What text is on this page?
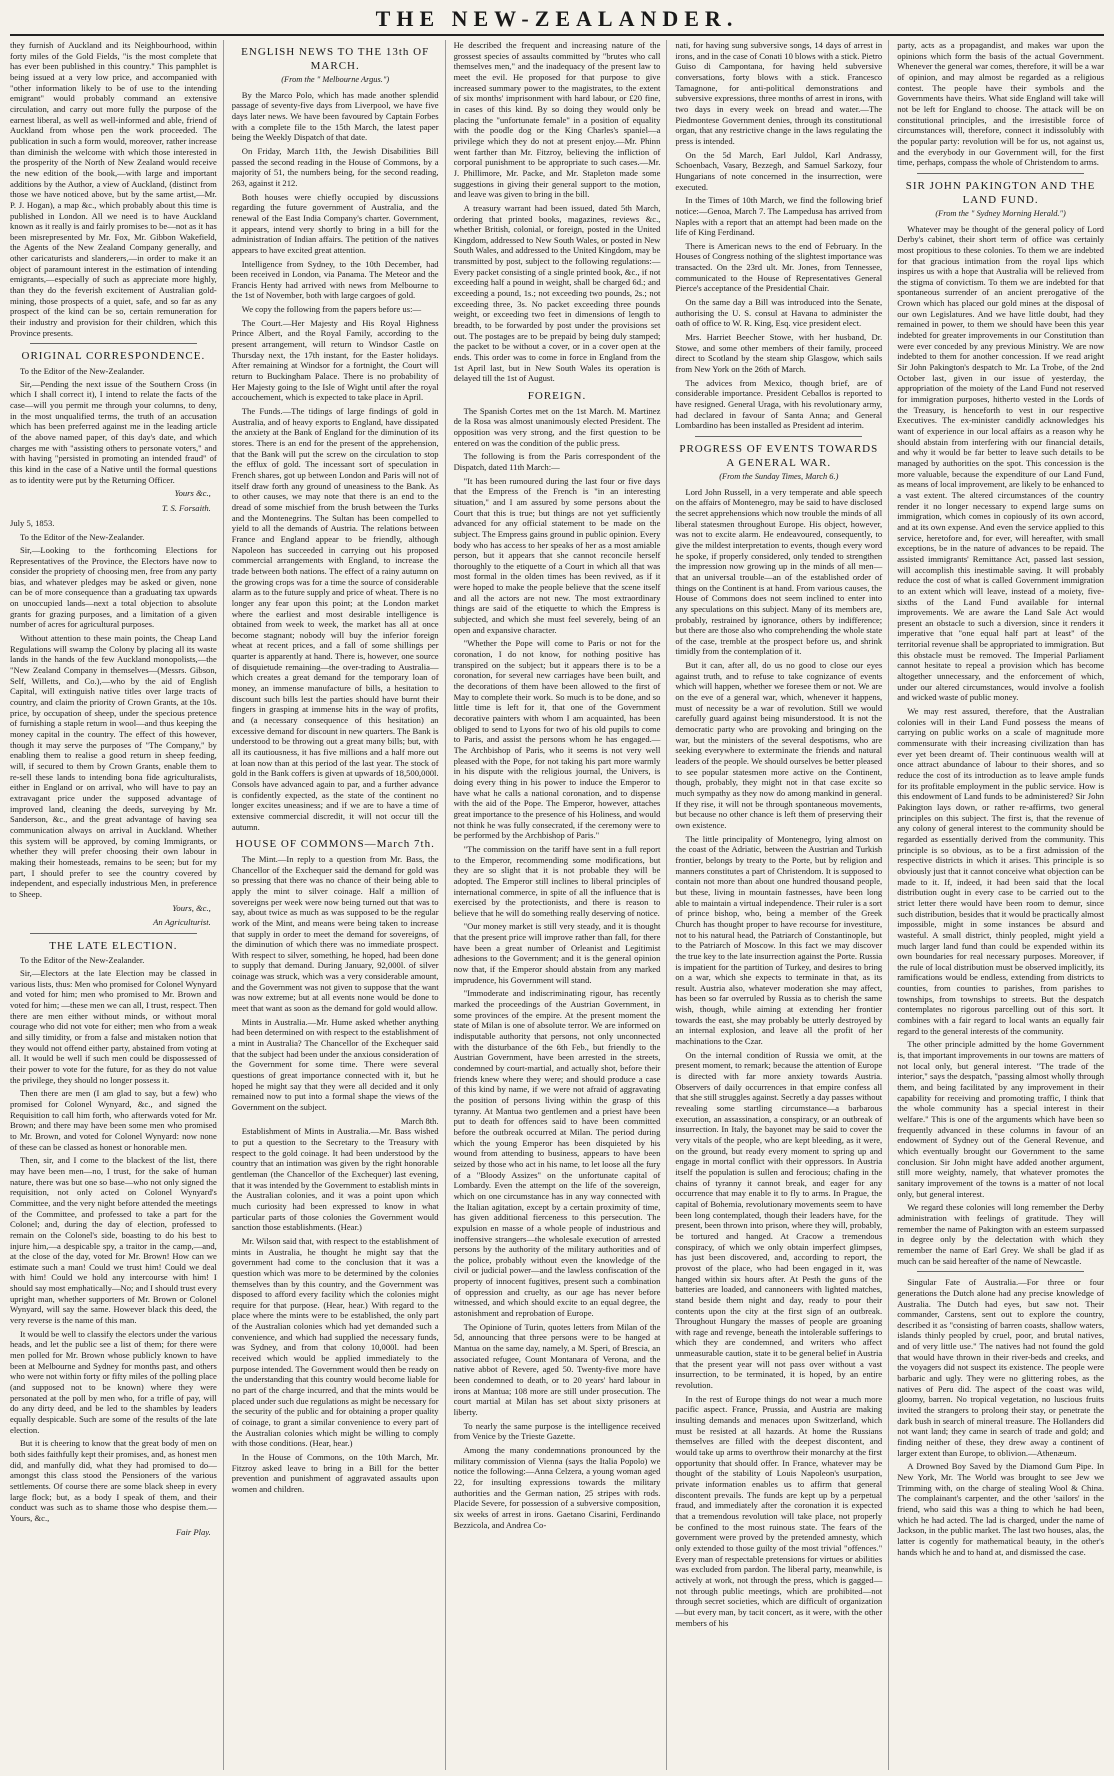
THE NEW-ZEALANDER.

they furnish of Auckland and its Neighbourhood, within forty miles of the Gold Fields, "is the most complete that has ever been published in this country." This pamphlet is being issued at a very low price, and accompanied with "other information likely to be of use to the intending emigrant" would probably command an extensive circulation, and carry out more fully the purpose of the earnest liberal, as well as well-informed and able, friend of Auckland from whose pen the work proceeded. The publication in such a form would, moreover, rather increase than diminish the welcome with which those interested in the prosperity of the North of New Zealand would receive the new edition of the book,—with large and important additions by the Author, a view of Auckland, (distinct from those we have noticed above, but by the same artist,—Mr. P. J. Hogan), a map &c., which probably about this time is published in London. All we need is to have Auckland known as it really is and fairly promises to be—not as it has been misrepresented by Mr. Fox, Mr. Gibbon Wakefield, the Agents of the New Zealand Company generally, and other caricaturists and slanderers,—in order to make it an object of paramount interest in the estimation of intending emigrants,—especially of such as appreciate more highly, than they do the feverish excitement of Australian gold-mining, those prospects of a quiet, safe, and so far as any prospect of the kind can be so, certain remuneration for their industry and provision for their children, which this Province presents.

ORIGINAL CORRESPONDENCE.
To the Editor of the New-Zealander.

Sir,—Pending the next issue of the Southern Cross (in which I shall correct it), I intend to relate the facts of the case—will you permit me through your columns, to deny, in the most unqualified terms, the truth of an accusation which has been preferred against me in the leading article of the above named paper, of this day's date, and which charges me with "assisting others to personate voters," and with having "persisted in promoting an intended fraud" of this kind in the case of a Native until the formal questions as to identity were put by the Returning Officer.

Yours &c.,
T. S. Forsaith.
July 5, 1853.
To the Editor of the New-Zealander.

Sir,—Looking to the forthcoming Elections for Representatives of the Province, the Electors have now to consider the propriety of choosing men, free from any party bias, and whatever pledges may be asked or given, none can be of more consequence than a graduating tax upwards on unoccupied lands—next a total objection to absolute grants for grazing purposes, and a limitation of a given number of acres for agricultural purposes.

Without attention to these main points, the Cheap Land Regulations will swamp the Colony by placing all its waste lands in the hands of the few Auckland monopolists,—the "New Zealand Company in themselves—(Messrs. Gibson, Self, Willetts, and Co.),—who by the aid of English Capital, will extinguish native titles over large tracts of country, and claim the priority of Crown Grants, at the 10s. price, by occupation of sheep, under the specious pretence of furnishing a staple return in wool—and thus keeping the money capital in the country. The effect of this however, though it may serve the purposes of "The Company," by enabling them to realise a good return in sheep feeding, will, if secured to them by Crown Grants, enable them to re-sell these lands to intending bona fide agriculturalists, either in England or on arrival, who will have to pay an extravagant price under the supposed advantage of improved land, cleaning the deeds, surveying by Mr. Sanderson, &c., and the great advantage of having sea communication always on arrival in Auckland. Whether this system will be approved, by coming Immigrants, or whether they will prefer choosing their own labour in making their homesteads, remains to be seen; but for my part, I should prefer to see the country covered by independent, and especially industrious Men, in preference to Sheep.

Yours, &c.,
An Agriculturist.
THE LATE ELECTION.
To the Editor of the New-Zealander.

Sir,—Electors at the late Election may be classed in various lists, thus: Men who promised for Colonel Wynyard and voted for him; men who promised to Mr. Brown and voted for him; —these men we can all, I trust, respect. Then there are men either without minds, or without moral courage who did not vote for either; men who from a weak and silly timidity, or from a false and mistaken notion that they would not offend either party, abstained from voting at all. It would be well if such men could be dispossessed of their power to vote for the future, for as they do not value the privilege, they should no longer possess it.

Then there are men (I am glad to say, but a few) who promised for Colonel Wynyard, &c., and signed the Requisition to call him forth, who afterwards voted for Mr. Brown; and there may have been some men who promised to Mr. Brown, and voted for Colonel Wynyard: now none of these can be classed as honest or honorable men.

Then, sir, and I come to the blackest of the list, there may have been men—no, I trust, for the sake of human nature, there was but one so base—who not only signed the requisition, not only acted on Colonel Wynyard's Committee, and the very night before attended the meetings of the Committee, and professed to take a part for the Colonel; and, during the day of election, professed to remain on the Colonel's side, boasting to do his best to injure him,—a despicable spy, a traitor in the camp,—and, at the close of the day, voted for Mr. Brown! How can we estimate such a man! Could we trust him! Could we deal with him! Could we hold any intercourse with him! I should say most emphatically—No; and I should trust every upright man, whether supporters of Mr. Brown or Colonel Wynyard, will say the same. However black this deed, the very reverse is the name of this man.

It would be well to classify the electors under the various heads, and let the public see a list of them; for there were men polled for Mr. Brown whose publicly known to have been at Melbourne and Sydney for months past, and others who were not within forty or fifty miles of the polling place (and supposed not to be known) where they were personated at the poll by men who, for a trifle of pay, will do any dirty deed, and be led to the shambles by leaders equally despicable. Such are some of the results of the late election.

But it is cheering to know that the great body of men on both sides faithfully kept their promises, and, as honest men did, and manfully did, what they had promised to do—amongst this class stood the Pensioners of the various settlements. Of course there are some black sheep in every large flock; but, as a body I speak of them, and their conduct was such as to shame those who despise them.—Yours, &c.,

Fair Play.
ENGLISH NEWS TO THE 13th OF MARCH.
(From the " Melbourne Argus.")

By the Marco Polo, which has made another splendid passage of seventy-five days from Liverpool, we have five days later news. We have been favoured by Captain Forbes with a complete file to the 15th March, the latest paper being the Weekly Dispatch of that date.

On Friday, March 11th, the Jewish Disabilities Bill passed the second reading in the House of Commons, by a majority of 51, the numbers being, for the second reading, 263, against it 212.

Both houses were chiefly occupied by discussions regarding the future government of Australia, and the renewal of the East India Company's charter. Government, it appears, intend very shortly to bring in a bill for the administration of Indian affairs. The petition of the natives appears to have excited great attention.

Intelligence from Sydney, to the 10th December, had been received in London, via Panama. The Meteor and the Francis Henty had arrived with news from Melbourne to the 1st of November, both with large cargoes of gold.

We copy the following from the papers before us:—

The Court.—Her Majesty and His Royal Highness Prince Albert, and the Royal Family, according to the present arrangement, will return to Windsor Castle on Thursday next, the 17th instant, for the Easter holidays. After remaining at Windsor for a fortnight, the Court will return to Buckingham Palace. There is no probability of Her Majesty going to the Isle of Wight until after the royal accouchement, which is expected to take place in April.

The Funds.—The tidings of large findings of gold in Australia, and of heavy exports to England, have dissipated the anxiety at the Bank of England for the diminution of its stores. There is an end for the present of the apprehension, that the Bank will put the screw on the circulation to stop the efflux of gold. The incessant sort of speculation in French shares, got up between London and Paris will not of itself draw forth any ground of uneasiness to the Bank. As to other causes, we may note that there is an end to the dread of some mischief from the brush between the Turks and the Montenegrins. The Sultan has been compelled to yield to all the demands of Austria. The relations between France and England appear to be friendly, although Napoleon has succeeded in carrying out his proposed commercial arrangements with England, to increase the trade between both nations. The effect of a rainy autumn on the growing crops was for a time the source of considerable alarm as to the future supply and price of wheat. There is no longer any fear upon this point; at the London market where the earliest and most desirable intelligence is obtained from week to week, the market has all at once become stagnant; nobody will buy the inferior foreign wheat at recent prices, and a fall of some shillings per quarter is apparently at hand. There is, however, one source of disquietude remaining—the over-trading to Australia—which creates a great demand for the temporary loan of money, an immense manufacture of bills, a hesitation to discount such bills lest the parties should have burnt their fingers in grasping at immense hits in the way of profits, and (a necessary consequence of this hesitation) an excessive demand for discount in new quarters. The Bank is understood to be throwing out a great many bills; but, with all its cautiousness, it has five millions and a half more out at loan now than at this period of the last year. The stock of gold in the Bank coffers is given at upwards of 18,500,000l. Consols have advanced again to par, and a further advance is confidently expected, as the state of the continent no longer excites uneasiness; and if we are to have a time of extensive commercial discredit, it will not occur till the autumn.

HOUSE OF COMMONS—March 7th.

The Mint.—In reply to a question from Mr. Bass, the Chancellor of the Exchequer said the demand for gold was so pressing that there was no chance of their being able to apply the mint to silver coinage. Half a million of sovereigns per week were now being turned out that was to say, about twice as much as was supposed to be the regular work of the Mint, and means were being taken to increase that supply in order to meet the demand for sovereigns, of the diminution of which there was no immediate prospect. With respect to silver, something, he hoped, had been done to supply that demand. During January, 92,000l. of silver coinage was struck, which was a very considerable amount, and the Government was not given to suppose that the want was now extreme; but at all events none would be done to meet that want as soon as the demand for gold would allow.

Mints in Australia.—Mr. Hume asked whether anything had been determined on with respect to the establishment of a mint in Australia? The Chancellor of the Exchequer said that the subject had been under the anxious consideration of the Government for some time. There were several questions of great importance connected with it, but he hoped he might say that they were all decided and it only remained now to put into a formal shape the views of the Government on the subject.

March 8th.

Establishment of Mints in Australia.—Mr. Bass wished to put a question to the Secretary to the Treasury with respect to the gold coinage. It had been understood by the country that an intimation was given by the right honorable gentleman (the Chancellor of the Exchequer) last evening, that it was intended by the Government to establish mints in the Australian colonies, and it was a point upon which much curiosity had been expressed to know in what particular parts of those colonies the Government would sanction those establishments. (Hear.)

Mr. Wilson said that, with respect to the establishment of mints in Australia, he thought he might say that the government had come to the conclusion that it was a question which was more to be determined by the colonies themselves than by this country, and the Government was disposed to afford every facility which the colonies might require for that purpose. (Hear, hear.) With regard to the place where the mints were to be established, the only part of the Australian colonies which had yet demanded such a convenience, and which had supplied the necessary funds, was Sydney, and from that colony 10,000l. had been received which would be applied immediately to the purpose intended. The Government would then be ready on the understanding that this country would become liable for no part of the charge incurred, and that the mints would be placed under such due regulations as might be necessary for the security of the public and for obtaining a proper quality of coinage, to grant a similar convenience to every part of the Australian colonies which might be willing to comply with those conditions. (Hear, hear.)

In the House of Commons, on the 10th March, Mr. Fitzroy asked leave to bring in a Bill for the better prevention and punishment of aggravated assaults upon women and children.

He described the frequent and increasing nature of the grossest species of assaults committed by "brutes who call themselves men," and the inadequacy of the present law to meet the evil. He proposed for that purpose to give increased summary power to the magistrates, to the extent of six months' imprisonment with hard labour, or £20 fine, in cases of this kind. By so doing they would only be placing the "unfortunate female" in a position of equality with the poodle dog or the King Charles's spaniel—a privilege which they do not at present enjoy.—Mr. Phinn went farther than Mr. Fitzroy, believing the infliction of corporal punishment to be appropriate to such cases.—Mr. J. Phillimore, Mr. Packe, and Mr. Stapleton made some suggestions in giving their general support to the motion, and leave was given to bring in the bill.

A treasury warrant had been issued, dated 5th March, ordering that printed books, magazines, reviews &c., whether British, colonial, or foreign, posted in the United Kingdom, addressed to New South Wales, or posted in New South Wales, and addressed to the United Kingdom, may be transmitted by post, subject to the following regulations:—Every packet consisting of a single printed book, &c., if not exceeding half a pound in weight, shall be charged 6d.; and exceeding a pound, 1s.; not exceeding two pounds, 2s.; not exceeding three, 3s. No packet exceeding three pounds weight, or exceeding two feet in dimensions of length to breadth, to be forwarded by post under the provisions set out. The postages are to be prepaid by being duly stamped; the packet to be without a cover, or in a cover open at the ends. This order was to come in force in England from the 1st April last, but in New South Wales its operation is delayed till the 1st of August.

FOREIGN.

The Spanish Cortes met on the 1st March. M. Martinez de la Rosa was almost unanimously elected President. The opposition was very strong, and the first question to be entered on was the condition of the public press.

The following is from the Paris correspondent of the Dispatch, dated 11th March:—

"It has been rumoured during the last four or five days that the Empress of the French is "in an interesting situation," and I am assured by some persons about the Court that this is true; but things are not yet sufficiently advanced for any official statement to be made on the subject. The Empress gains ground in public opinion. Every body who has access to her speaks of her as a most amiable person, but it appears that she cannot reconcile herself thoroughly to the etiquette of a Court in which all that was most formal in the olden times has been revived, as if it were hoped to make the people believe that the scene itself and all the actors are not new. The most extraordinary things are said of the etiquette to which the Empress is subjected, and which she must feel severely, being of an open and expansive character.

"Whether the Pope will come to Paris or not for the coronation, I do not know, for nothing positive has transpired on the subject; but it appears there is to be a coronation, for several new carriages have been built, and the decorations of them have been allowed to the first of May to complete their work. So much is to be done, and so little time is left for it, that one of the Government decorative painters with whom I am acquainted, has been obliged to send to Lyons for two of his old pupils to come to Paris, and assist the persons whom he has engaged.— The Archbishop of Paris, who it seems is not very well pleased with the Pope, for not taking his part more warmly in his dispute with the religious journal, the Univers, is doing every thing in his power to induce the Emperor to have what he calls a national coronation, and to dispense with the aid of the Pope. The Emperor, however, attaches great importance to the presence of his Holiness, and would not think he was fully consecrated, if the ceremony were to be performed by the Archbishop of Paris."

"The commission on the tariff have sent in a full report to the Emperor, recommending some modifications, but they are so slight that it is not probable they will be adopted. The Emperor still inclines to liberal principles of international commerce, in spite of all the influence that is exercised by the protectionists, and there is reason to believe that he will do something really deserving of notice.

"Our money market is still very steady, and it is thought that the present price will improve rather than fall, for there have been a great number of Orleanist and Legitimist adhesions to the Government; and it is the general opinion now that, if the Emperor should abstain from any marked imprudence, his Government will stand.

"Immoderate and indiscriminating rigour, has recently marked the proceedings of the Austrian Government, in some provinces of the empire. At the present moment the state of Milan is one of absolute terror. We are informed on indisputable authority that persons, not only unconnected with the disturbance of the 6th Feb., but friendly to the Austrian Government, have been arrested in the streets, condemned by court-martial, and actually shot, before their friends knew where they were; and should produce a case of this kind by name, if we were not afraid of aggravating the position of persons living within the grasp of this tyranny. At Mantua two gentlemen and a priest have been put to death for offences said to have been committed before the outbreak occurred at Milan. The period during which the young Emperor has been disquieted by his wound from attending to business, appears to have been seized by those who act in his name, to let loose all the fury of a "Bloody Assizes" on the unfortunate capital of Lombardy. Even the attempt on the life of the sovereign, which on one circumstance has in any way connected with the Italian agitation, except by a certain proximity of time, has given additional fierceness to this persecution. The expulsion en masse of a whole people of industrious and inoffensive strangers—the wholesale execution of arrested persons by the authority of the military authorities and of the police, probably without even the knowledge of the civil or judicial power—and the lawless confiscation of the property of innocent fugitives, present such a combination of oppression and cruelty, as our age has never before witnessed, and which should excite to an equal degree, the astonishment and reprobation of Europe.

The Opinione of Turin, quotes letters from Milan of the 5d, announcing that three persons were to be hanged at Mantua on the same day, namely, a M. Speri, of Brescia, an associated refugee, Count Montanara of Verona, and the native abbot of Revere, aged 50. Twenty-five more have been condemned to death, or to 20 years' hard labour in irons at Mantua; 108 more are still under prosecution. The court martial at Milan has set about sixty prisoners at liberty.

To nearly the same purpose is the intelligence received from Venice by the Trieste Gazette.

Among the many condemnations pronounced by the military commission of Vienna (says the Italia Popolo) we notice the following:—Anna Celzera, a young woman aged 22, for insulting expressions towards the military authorities and the German nation, 25 stripes with rods. Placide Severe, for possession of a subversive composition, six weeks of arrest in irons. Gaetano Cisarini, Ferdinando Bezzicola, and Andrea Co-

nati, for having sung subversive songs, 14 days of arrest in irons, and in the case of Conati 10 blows with a stick. Pietro Guiso di Campontana, for having held subversive conversations, forty blows with a stick. Francesco Tamagnone, for anti-political demonstrations and subversive expressions, three months of arrest in irons, with two days in every week on bread and water.—The Piedmontese Government denies, through its constitutional organ, that any restrictive change in the laws regulating the press is intended.

On the 5d March, Earl Juldol, Karl Andrassy, Schoenbach, Vasary, Bezzegh, and Samuel Sarkozy, four Hungarians of note concerned in the insurrection, were executed.

In the Times of 10th March, we find the following brief notice:—Genoa, March 7. The Lampedusa has arrived from Naples with a report that an attempt had been made on the life of King Ferdinand.

There is American news to the end of February. In the Houses of Congress nothing of the slightest importance was transacted. On the 23rd ult. Mr. Jones, from Tennessee, communicated to the House of Representatives General Pierce's acceptance of the Presidential Chair.

On the same day a Bill was introduced into the Senate, authorising the U. S. consul at Havana to administer the oath of office to W. R. King, Esq. vice president elect.

Mrs. Harriet Beecher Stowe, with her husband, Dr. Stowe, and some other members of their family, proceed direct to Scotland by the steam ship Glasgow, which sails from New York on the 26th of March.

The advices from Mexico, though brief, are of considerable importance. President Ceballos is reported to have resigned. General Uraga, with his revolutionary army, had declared in favour of Santa Anna; and General Lombardino has been installed as President ad interim.

PROGRESS OF EVENTS TOWARDS A GENERAL WAR.
(From the Sunday Times, March 6.)

Lord John Russell, in a very temperate and able speech on the affairs of Montenegro, may be said to have disclosed the secret apprehensions which now trouble the minds of all liberal statesmen throughout Europe. His object, however, was not to excite alarm. He endeavoured, consequently, to give the mildest interpretation to events, though every word he spoke, if properly considered, only tended to strengthen the impression now growing up in the minds of all men—that an universal trouble—an of the established order of things on the Continent is at hand. From various causes, the House of Commons does not seem inclined to enter into any speculations on this subject. Many of its members are, probably, restrained by ignorance, others by indifference; but there are those also who comprehending the whole state of the case, tremble at the prospect before us, and shrink timidly from the contemplation of it.

But it can, after all, do us no good to close our eyes against truth, and to refuse to take cognizance of events which will happen, whether we foresee them or not. We are on the eve of a general war, which, whenever it happens, must of necessity be a war of revolution. Still we would carefully guard against being misunderstood. It is not the democratic party who are provoking and bringing on the war, but the ministers of the several despotisms, who are seeking everywhere to exterminate the friends and natural leaders of the people. We should ourselves be better pleased to see popular statesmen more active on the Continent, though, probably, they might not in that case excite so much sympathy as they now do among mankind in general. If they rise, it will not be through spontaneous movements, but because no other chance is left them of preserving their own existence.

The little principality of Montenegro, lying almost on the coast of the Adriatic, between the Austrian and Turkish frontier, belongs by treaty to the Porte, but by religion and manners constitutes a part of Christendom. It is supposed to contain not more than about one hundred thousand people, but these, living in mountain fastnesses, have been long able to maintain a virtual independence. Their ruler is a sort of prince bishop, who, being a member of the Greek Church has thought proper to have recourse for investiture, not to his natural head, the Patriarch of Constantinople, but to the Patriarch of Moscow. In this fact we may discover the true key to the late insurrection against the Porte. Russia is impatient for the partition of Turkey, and desires to bring on a war, which she expects to terminate in that, as its result. Austria also, whatever moderation she may affect, has been so far overruled by Russia as to cherish the same wish, though, while aiming at extending her frontier towards the east, she may probably be utterly destroyed by an internal explosion, and leave all the profit of her machinations to the Czar.

On the internal condition of Russia we omit, at the present moment, to remark; because the attention of Europe is directed with far more anxiety towards Austria. Observers of daily occurrences in that empire confess all that she still struggles against. Secretly a day passes without revealing some startling circumstance—a barbarous execution, an assassination, a conspiracy, or an outbreak of insurrection. In Italy, the bayonet may be said to cover the very vitals of the people, who are kept bleeding, as it were, on the ground, but ready every moment to spring up and engage in mortal conflict with their oppressors. In Austria itself the population is sullen and ferocious; chafing in the chains of tyranny it cannot break, and eager for any occurrence that may enable it to fly to arms. In Prague, the capital of Bohemia, revolutionary movements seem to have been long contemplated, though their leaders have, for the present, been thrown into prison, where they will, probably, be tortured and hanged. At Cracow a tremendous conspiracy, of which we only obtain imperfect glimpses, has just been discovered, and, according to report, the provost of the place, who had been engaged in it, was hanged within six hours after. At Pesth the guns of the batteries are loaded, and cannoneers with lighted matches, stand beside them night and day, ready to pour their contents upon the city at the first sign of an outbreak. Throughout Hungary the masses of people are groaning with rage and revenge, beneath the intolerable sufferings to which they are condemned, and writers who affect unmeasurable caution, state it to be general belief in Austria that the present year will not pass over without a vast insurrection, to be terminated, it is hoped, by an entire revolution.

In the rest of Europe things do not wear a much more pacific aspect. France, Prussia, and Austria are making insulting demands and menaces upon Switzerland, which must be resisted at all hazards. At home the Russians themselves are filled with the deepest discontent, and would take up arms to overthrow their monarchy at the first opportunity that should offer. In France, whatever may be thought of the stability of Louis Napoleon's usurpation, private information enables us to affirm that general discontent prevails. The funds are kept up by a perpetual fraud, and immediately after the coronation it is expected that a tremendous revolution will take place, not properly be confined to the most ruinous state. The fears of the government were proved by the pretended amnesty, which only extended to those guilty of the most trivial "offences." Every man of respectable pretensions for virtues or abilities was excluded from pardon. The liberal party, meanwhile, is actively at work, not through the press, which is gagged—not through public meetings, which are prohibited—not through secret societies, which are difficult of organization—but every man, by tacit concert, as it were, with the other members of his

party, acts as a propagandist, and makes war upon the opinions which form the basis of the actual Government. Whenever the general war comes, therefore, it will be a war of opinion, and may almost be regarded as a religious contest. The people have their symbols and the Governments have theirs. What side England will take will not be left for England to choose. The attack will be on constitutional principles, and the irresistible force of circumstances will, therefore, connect it indissolubly with the popular party: revolution will be for us, not against us, and the everybody in our Government will, for the first time, perhaps, compass the whole of Christendom to arms.

SIR JOHN PAKINGTON AND THE LAND FUND.
(From the " Sydney Morning Herald.")

Whatever may be thought of the general policy of Lord Derby's cabinet, their short term of office was certainly most propitious to these colonies. To them we are indebted for that gracious intimation from the royal lips which inspires us with a hope that Australia will be relieved from the stigma of convictism. To them we are indebted for that spontaneous surrender of an ancient prerogative of the Crown which has placed our gold mines at the disposal of our own Legislatures. And we have little doubt, had they remained in power, to them we should have been this year indebted for greater improvements in our Constitution than were ever conceded by any previous Ministry. We are now indebted to them for another concession. If we read aright Sir John Pakington's despatch to Mr. La Trobe, of the 2nd October last, given in our issue of yesterday, the appropriation of the moiety of the Land Fund not reserved for immigration purposes, hitherto vested in the Lords of the Treasury, is henceforth to vest in our respective Executives. The ex-minister candidly acknowledges his want of experience in our local affairs as a reason why he should abstain from interfering with our financial details, and why it would be far better to leave such details to be managed by authorities on the spot. This concession is the more valuable, because the expenditure of our Land Fund, as means of local improvement, are likely to be enhanced to a vast extent. The altered circumstances of the country render it no longer necessary to expend large sums on immigration, which comes in copiously of its own accord, and at its own expense. And even the service applied to this service, heretofore and, for ever, will hereafter, with small exceptions, be in the nature of advances to be repaid. The assisted immigrants' Remittance Act, passed last session, will accomplish this inestimable saving. It will probably reduce the cost of what is called Government immigration to an extent which will leave, instead of a moiety, five-sixths of the Land Fund available for internal improvements. We are aware the Land Sale Act would present an obstacle to such a diversion, since it renders it imperative that "one equal half part at least" of the territorial revenue shall be appropriated to immigration. But this obstacle must be removed. The Imperial Parliament cannot hesitate to repeal a provision which has become altogether unnecessary, and the enforcement of which, under our altered circumstances, would involve a foolish and wicked waste of public money.

We may rest assured, therefore, that the Australian colonies will in their Land Fund possess the means of carrying on public works on a scale of magnitude more commensurate with their increasing civilization than has ever yet been dreamt of. Their continuous wealth will at once attract abundance of labour to their shores, and so reduce the cost of its introduction as to leave ample funds for its profitable employment in the public service. How is this endowment of Land funds to be administered? Sir John Pakington lays down, or rather re-affirms, two general principles on this subject. The first is, that the revenue of any colony of general interest to the community should be regarded as essentially derived from the community. This principle is so obvious, as to be a first admission of the respective districts in which it arises. This principle is so obviously just that it cannot conceive what objection can be made to it. If, indeed, it had been said that the local distribution ought in every case to be carried out to the strict letter there would have been room to demur, since such distribution, besides that it would be practically almost impossible, might in some instances be absurd and wasteful. A small district, thinly peopled, might yield a much larger land fund than could be expended within its own boundaries for real necessary purposes. Moreover, if the rule of local distribution must be observed implicitly, its ramifications would be endless, extending from districts to counties, from counties to parishes, from parishes to townships, from townships to streets. But the despatch contemplates no rigorous parcelling out of this sort. It combines with a fair regard to local wants an equally fair regard to the general interests of the community.

The other principle admitted by the home Government is, that important improvements in our towns are matters of not local only, but general interest. "The trade of the interior," says the despatch, "passing almost wholly through them, and being facilitated by any improvement in their capability for receiving and promoting traffic, I think that the whole community has a special interest in their welfare." This is one of the arguments which have been so frequently advanced in these columns in favour of an endowment of Sydney out of the General Revenue, and which eventually brought our Government to the same conclusion. Sir John might have added another argument, still more weighty, namely, that whatever promotes the sanitary improvement of the towns is a matter of not local only, but general interest.

We regard these colonies will long remember the Derby administration with feelings of gratitude. They will remember the name of Pakington with an esteem surpassed in degree only by the delectation with which they remember the name of Earl Grey. We shall be glad if as much can be said hereafter of the name of Newcastle.

Singular Fate of Australia.—For three or four generations the Dutch alone had any precise knowledge of Australia. The Dutch had eyes, but saw not. Their commander, Carstens, sent out to explore the country, described it as "consisting of barren coasts, shallow waters, islands thinly peopled by cruel, poor, and brutal natives, and of very little use." The natives had not found the gold that would have thrown in their river-beds and creeks, and the voyagers did not suspect its existence. The people were barbaric and ugly. They were no glittering robes, as the natives of Peru did. The aspect of the coast was wild, gloomy, barren. No tropical vegetation, no luscious fruits invited the strangers to prolong their stay, or penetrate the dark bush in search of mineral treasure. The Hollanders did not want land; they came in search of trade and gold; and finding neither of these, they drew away a continent of larger extent than Europe, to oblivion.—Athenæum.

A Drowned Boy Saved by the Diamond Gum Pipe. In New York, Mr. The World was brought to see Jew we Trimming with, on the charge of stealing Wool & China. The complainant's carpenter, and the other 'sailors' in the friend, who said this was a thing to which he had been, which he had acted. The lad is charged, under the name of Jackson, in the public market. The last two houses, alas, the latter is cogently for mathematical beauty, in the other's hands which he and to hand at, and dismissed the case.
